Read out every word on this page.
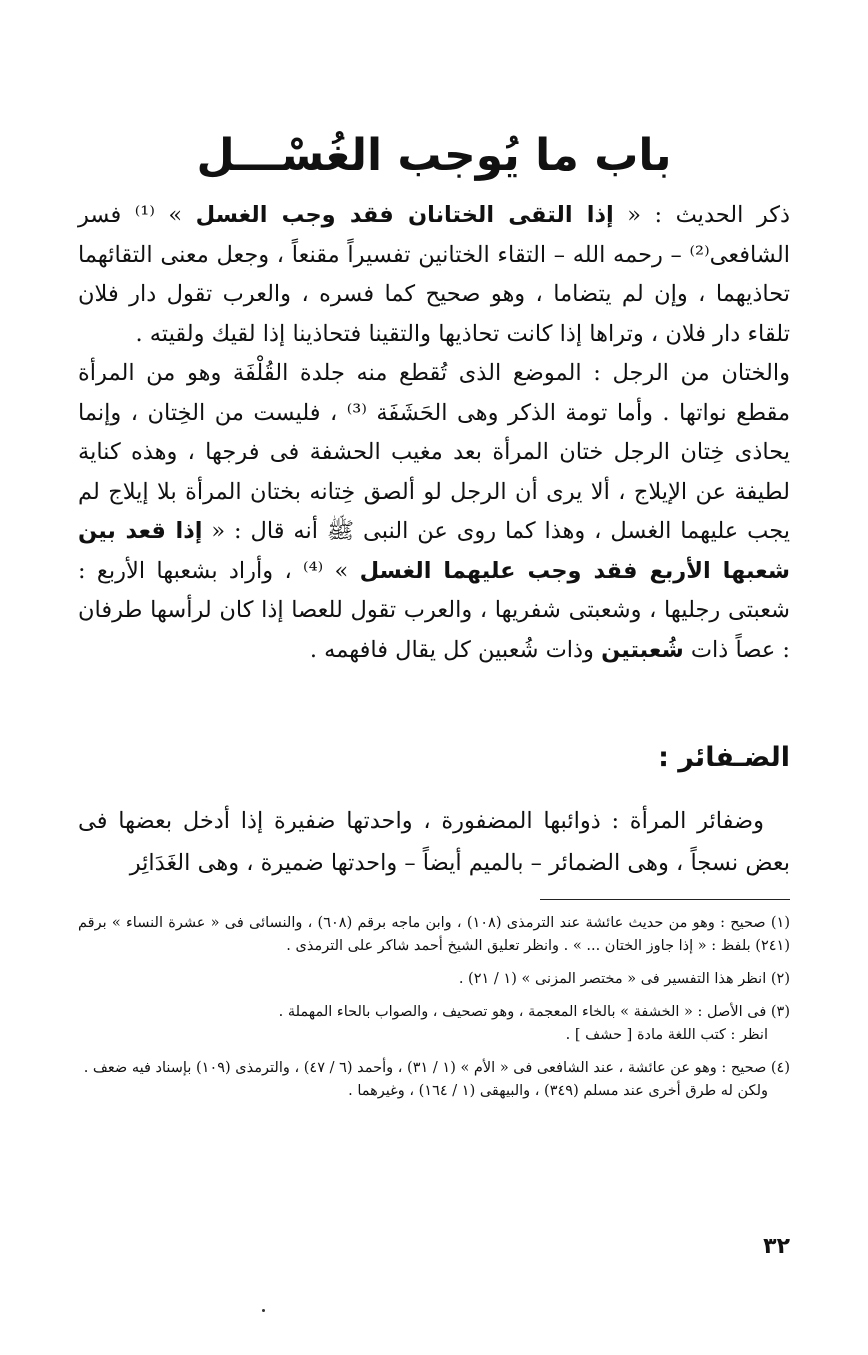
باب ما يُوجب الغُسْـــل

ذكر الحديث : « إذا التقى الختانان فقد وجب الغسل » ⁽¹⁾ فسر الشافعى⁽²⁾ – رحمه الله – التقاء الختانين تفسيراً مقنعاً ، وجعل معنى التقائهما تحاذيهما ، وإن لم يتضاما ، وهو صحيح كما فسره ، والعرب تقول دار فلان تلقاء دار فلان ، وتراها إذا كانت تحاذيها والتقينا فتحاذينا إذا لقيك ولقيته .

والختان من الرجل : الموضع الذى تُقطع منه جلدة القُلْفَة وهو من المرأة مقطع نواتها . وأما تومة الذكر وهى الحَشَفَة ⁽³⁾ ، فليست من الخِتان ، وإنما يحاذى خِتان الرجل ختان المرأة بعد مغيب الحشفة فى فرجها ، وهذه كناية لطيفة عن الإيلاج ، ألا يرى أن الرجل لو ألصق خِتانه بختان المرأة بلا إيلاج لم يجب عليهما الغسل ، وهذا كما روى عن النبى ﷺ أنه قال : « إذا قعد بين شعبها الأربع فقد وجب عليهما الغسل » ⁽⁴⁾ ، وأراد بشعبها الأربع : شعبتى رجليها ، وشعبتى شفريها ، والعرب تقول للعصا إذا كان لرأسها طرفان : عصاً ذات شُعبتين وذات شُعبين كل يقال فافهمه .

الضـفائر :

وضفائر المرأة : ذوائبها المضفورة ، واحدتها ضفيرة إذا أدخل بعضها فى بعض نسجاً ، وهى الضمائر – بالميم أيضاً – واحدتها ضميرة ، وهى الغَدَائِر

(١) صحيح : وهو من حديث عائشة عند الترمذى (١٠٨) ، وابن ماجه برقم (٦٠٨) ، والنسائى فى « عشرة النساء » برقم (٢٤١) بلفظ : « إذا جاوز الختان ... » . وانظر تعليق الشيخ أحمد شاكر على الترمذى .

(٢) انظر هذا التفسير فى « مختصر المزنى » (١ / ٢١) .

(٣) فى الأصل : « الخشفة » بالخاء المعجمة ، وهو تصحيف ، والصواب بالحاء المهملة .

انظر : كتب اللغة مادة [ حشف ] .

(٤) صحيح : وهو عن عائشة ، عند الشافعى فى « الأم » (١ / ٣١) ، وأحمد (٦ / ٤٧) ، والترمذى (١٠٩) بإسناد فيه ضعف .

ولكن له طرق أخرى عند مسلم (٣٤٩) ، والبيهقى (١ / ١٦٤) ، وغيرهما .

٣٢
